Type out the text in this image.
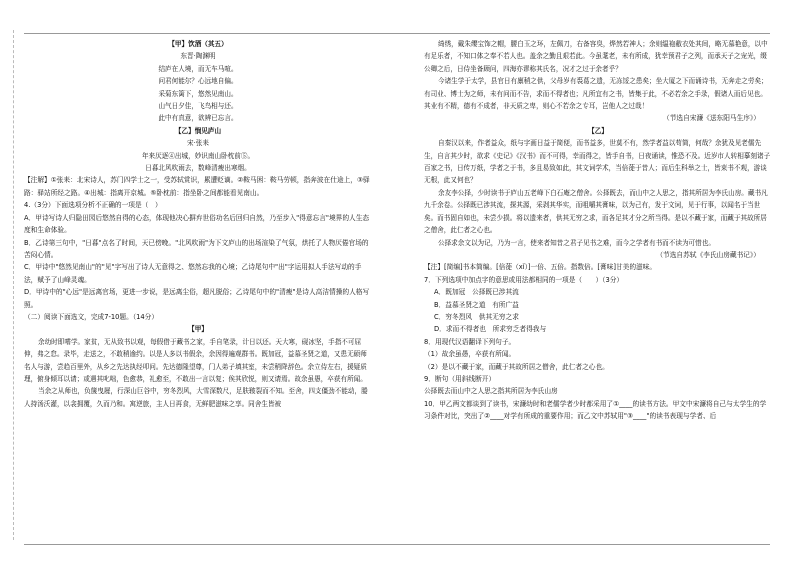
【甲】饮酒（其五）
东晋·陶渊明
结庐在人境，而无车马喧。
问君何能尔？心远地自偏。
采菊东篱下，悠然见南山。
山气日夕佳，飞鸟相与还。
此中有真意，欲辨已忘言。
【乙】悯见庐山
宋·张耒
年来厌逐④出城，妙识南山卧枕前⑤。
日暮北风吹雨去，数峰清瘦出寒烟。
【注解】①张耒：北宋诗人，苏门四学士之一，受苏轼赏识，累遭贬谪。②鞍马困：鞍马劳顿，指奔波在仕途上，③驿路：驿站所经之路。④出城：指离开京城。⑤卧枕前：指坐卧之间都能看见南山。
4.（3分）下面选项分析不正确的一项是（　）
A．甲诗写诗人归隐田园后悠然自得的心态，体现他决心摒弃世俗功名后回归自然，乃至步入"得意忘言"境界的人生态度和生命体验。
B．乙诗第三句中，"日暮"点名了时间，天已傍晚。"北风吹雨"为下文庐山的出场渲染了气氛，烘托了人物厌倦官场的苦闷心情。
C．甲诗中"悠然见南山"的"见"字写出了诗人无意得之、悠然忘我的心境；乙诗尾句中"出"字运用拟人手法写动的手法，赋予了山峰灵魂。
D．甲诗中的"心远"是远离官场，更进一步说，是远离尘俗，超凡脱俗；乙诗尾句中的"清瘦"是诗人高洁情操的人格写照。
（二）阅读下面选文，完成7-10题。（14分）
【甲】
余幼时即嗜学。家贫，无从致书以观，每假借于藏书之家，手自笔录，计日以还。天大寒，砚冰坚，手指不可屈伸，弗之怠。录毕，走送之，不敢稍逾约。以是人多以书假余，余因得遍观群书。既加冠，益慕圣贤之道，又患无硕师名人与游，尝趋百里外，从乡之先达执经叩问。先达德隆望尊，门人弟子填其室，未尝稍降辞色。余立侍左右，援疑质理，俯身倾耳以请；或遇其叱咄，色愈恭，礼愈至，不敢出一言以复；俟其欣悦，则又请焉。故余虽愚，卒获有所闻。
当余之从师也，负箧曳屣，行深山巨谷中，穷冬烈风，大雪深数尺，足肤皲裂而不知。至舍，四支僵劲不能动，媵人持汤沃灌，以衾拥覆，久而乃和。寓逆旅，主人日再食，无鲜肥滋味之享。同舍生皆被
绮绣，戴朱缨宝饰之帽，腰白玉之环，左佩刀，右备容臭，烨然若神人；余则缊袍敝衣处其间，略无慕艳意，以中有足乐者，不知口体之奉不若人也。盖余之勤且艰若此。今虽耄老，未有所成，犹幸预君子之列，而承天子之宠光，缀公卿之后，日侍坐备顾问，四海亦谬称其氏名，况才之过于余者乎？
今诸生学于太学，县官日有廪稍之供，父母岁有裘葛之遗，无冻馁之患矣；坐大厦之下而诵诗书，无奔走之劳矣；有司业、博士为之师，未有问而不告，求而不得者也；凡所宜有之书，皆集于此，不必若余之手录，假诸人而后见也。其业有不精，德有不成者，非天质之卑，则心不若余之专耳，岂他人之过哉！
（节选自宋濂《送东阳马生序》）
【乙】
自秦汉以来，作者益众，纸与字画日益于简便，而书益多，世莫不有，然学者益以苟简，何哉？余犹及见老儒先生，自言其少时，欲求《史记》《汉书》而不可得，幸而得之，皆手自书，日夜诵读，惟恐不及。近岁市人转相摹刻诸子百家之书，日传万纸，学者之于书，多且易致如此，其文词学术，当倍蓰于昔人；而后生科举之士，皆束书不观，游谈无根，此又何也？
余友李公择，少时读书于庐山五老峰下白石庵之僧舍。公择既去，而山中之人思之，指其所居为李氏山房。藏书凡九千余卷。公择既已涉其流，探其源，采剥其华实，而咀嚼其膏味，以为己有，发于文词，见于行事，以闻名于当世矣。而书固自如也，未尝少损。将以遗来者，供其无穷之求，而各足其才分之所当得。是以不藏于家，而藏于其故所居之僧舍，此仁者之心也。
公择求余文以为记，乃为一言，使来者知昔之君子见书之难，而今之学者有书而不读为可惜也。
（节选自苏轼《李氏山房藏书记》）
【注】[简编]书本简编。[倍蓰（xǐ）]一倍、五倍。指数倍。[膏味]甘美的滋味。
7．下列选项中加点字的意思或用法都相同的一项是（　　）（3分）
A．既加冠　公择既已涉其流
B．益慕圣贤之道　有所广益
C．穷冬烈风　供其无穷之求
D．求而不得者也　所求穷乏者得我与
8．用现代汉语翻译下列句子。
（1）故余虽愚，卒获有所闻。
（2）是以不藏于家，而藏于其故所居之僧舍，此仁者之心也。
9．断句（用斜线断开）
公择既去而山中之人思之指其所居为李氏山房
10．甲乙两文都谈到了读书，宋濂幼时和老儒学者少时都采用了①____的读书方法。甲文中宋濂将自己与太学生的学习条件对比，突出了②____对学有所成的重要作用；而乙文中苏轼用"③____"的读书表现与学者、后
